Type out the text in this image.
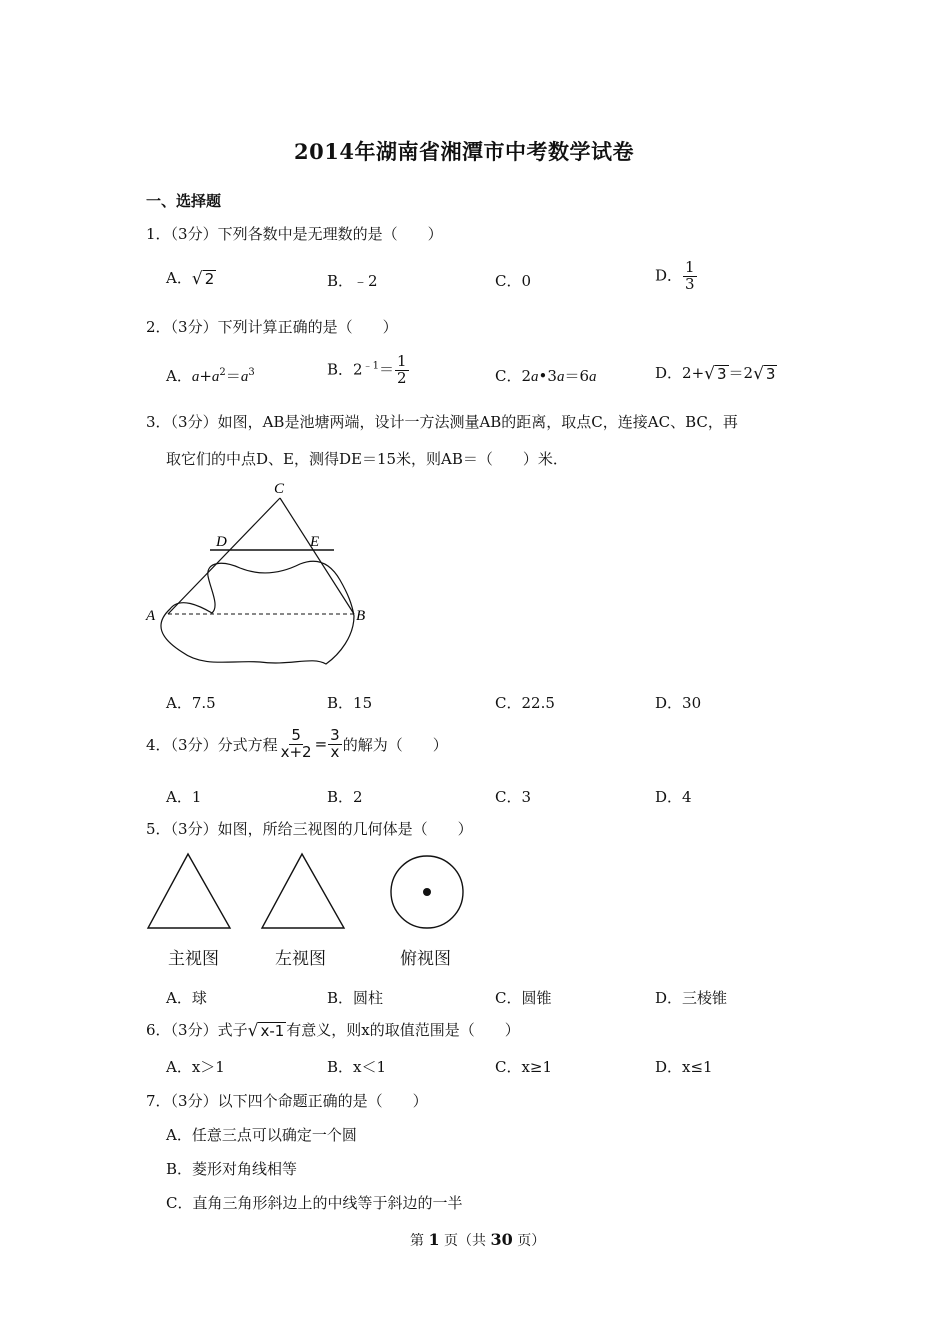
2014年湖南省湘潭市中考数学试卷
一、选择题
1．（3分）下列各数中是无理数的是（　　）
A．√ 2	B．﹣2	C．0	D． $\frac{1}{3}$
2．（3分）下列计算正确的是（　　）
A．$a+a^2=a^3$	B．$2^{﹣1}= \frac{1}{2}$	C．2a•3a＝6a	D．2+√ 3 ＝2√ 3
3．（3分）如图，AB是池塘两端，设计一方法测量AB的距离，取点C，连接AC、BC，再
取它们的中点D、E，测得DE＝15米，则AB＝（　　）米．
C
D	E
A	B
A．7.5	B．15	C．22.5	D．30
4．（3分）分式方程 $\frac{5}{x+2} = \frac{3}{x}$ 的解为（　　）
A．1	B．2	C．3	D．4
5．（3分）如图，所给三视图的几何体是（　　）
主视图	左视图	俯视图
A．球	B．圆柱	C．圆锥	D．三棱锥
6．（3分）式子√ x-1 有意义，则x的取值范围是（　　）
A．x＞1	B．x＜1	C．x≥1	D．x≤1
7．（3分）以下四个命题正确的是（　　）
A．任意三点可以确定一个圆
B．菱形对角线相等
C．直角三角形斜边上的中线等于斜边的一半
第 1 页（共 30 页）
